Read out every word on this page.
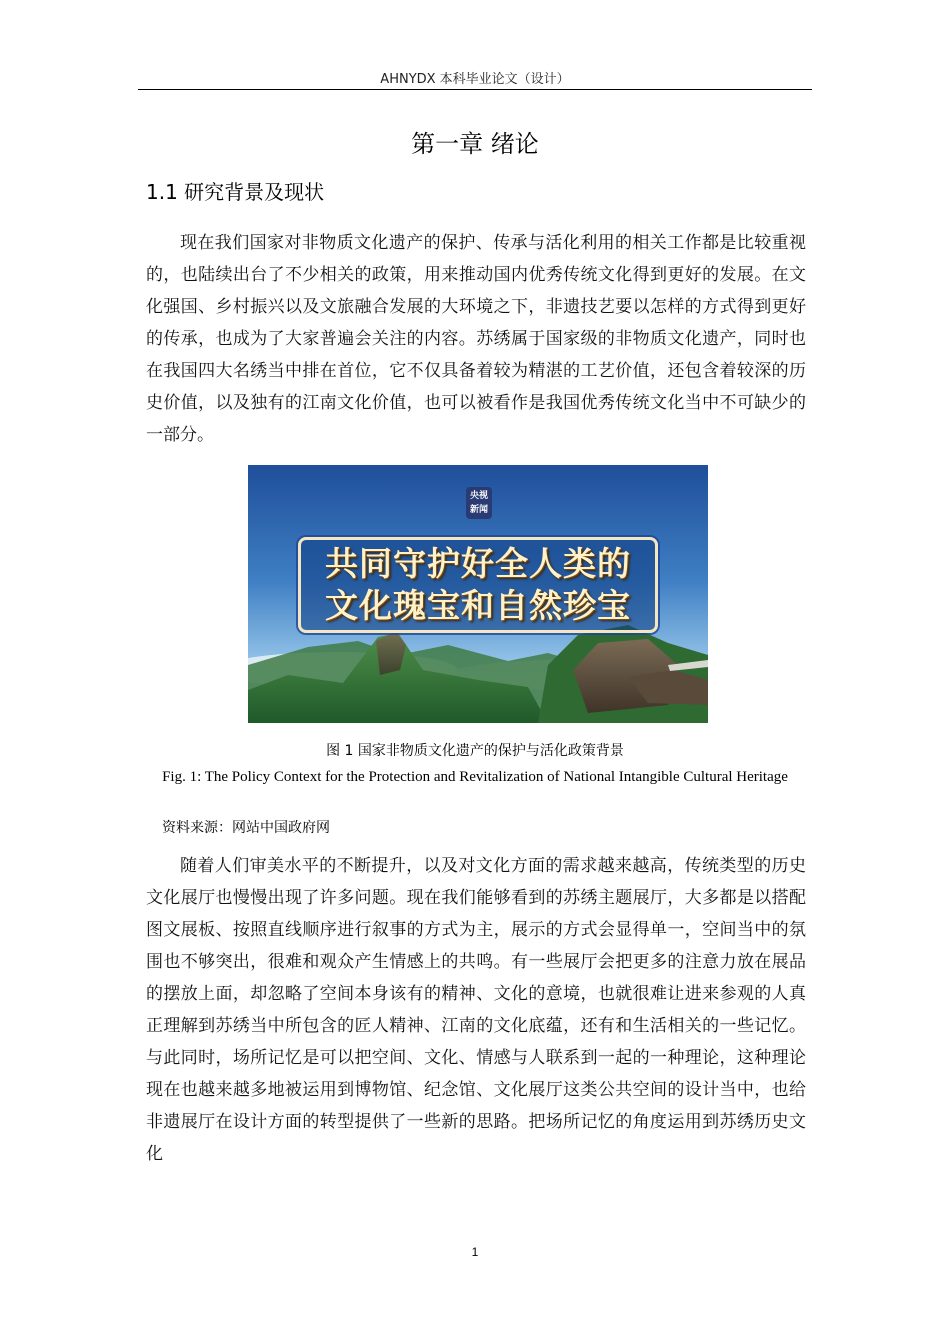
AHNYDX 本科毕业论文（设计）
第一章 绪论
1.1 研究背景及现状

现在我们国家对非物质文化遗产的保护、传承与活化利用的相关工作都是比较重视的，也陆续出台了不少相关的政策，用来推动国内优秀传统文化得到更好的发展。在文化强国、乡村振兴以及文旅融合发展的大环境之下，非遗技艺要以怎样的方式得到更好的传承，也成为了大家普遍会关注的内容。苏绣属于国家级的非物质文化遗产，同时也在我国四大名绣当中排在首位，它不仅具备着较为精湛的工艺价值，还包含着较深的历史价值，以及独有的江南文化价值，也可以被看作是我国优秀传统文化当中不可缺少的一部分。

央视
新闻
共同守护好全人类的
文化瑰宝和自然珍宝
图 1 国家非物质文化遗产的保护与活化政策背景
Fig. 1: The Policy Context for the Protection and Revitalization of National Intangible Cultural Heritage
资料来源：网站中国政府网

随着人们审美水平的不断提升，以及对文化方面的需求越来越高，传统类型的历史文化展厅也慢慢出现了许多问题。现在我们能够看到的苏绣主题展厅，大多都是以搭配图文展板、按照直线顺序进行叙事的方式为主，展示的方式会显得单一，空间当中的氛围也不够突出，很难和观众产生情感上的共鸣。有一些展厅会把更多的注意力放在展品的摆放上面，却忽略了空间本身该有的精神、文化的意境，也就很难让进来参观的人真正理解到苏绣当中所包含的匠人精神、江南的文化底蕴，还有和生活相关的一些记忆。与此同时，场所记忆是可以把空间、文化、情感与人联系到一起的一种理论，这种理论现在也越来越多地被运用到博物馆、纪念馆、文化展厅这类公共空间的设计当中，也给非遗展厅在设计方面的转型提供了一些新的思路。把场所记忆的角度运用到苏绣历史文化

1
